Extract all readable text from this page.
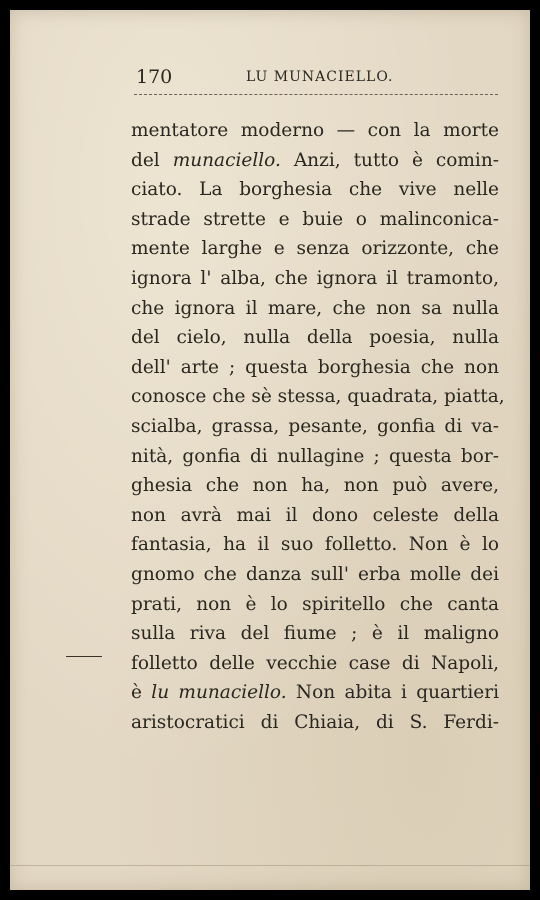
170	LU MUNACIELLO.
mentatore moderno — con la morte
del munaciello. Anzi, tutto è comin-
ciato. La borghesia che vive nelle
strade strette e buie o malinconica-
mente larghe e senza orizzonte, che
ignora l' alba, che ignora il tramonto,
che ignora il mare, che non sa nulla
del cielo, nulla della poesia, nulla
dell' arte ; questa borghesia che non
conosce che sè stessa, quadrata, piatta,
scialba, grassa, pesante, gonfia di va-
nità, gonfia di nullagine ; questa bor-
ghesia che non ha, non può avere,
non avrà mai il dono celeste della
fantasia, ha il suo folletto. Non è lo
gnomo che danza sull' erba molle dei
prati, non è lo spiritello che canta
sulla riva del fiume ; è il maligno
folletto delle vecchie case di Napoli,
è lu munaciello. Non abita i quartieri
aristocratici di Chiaia, di S. Ferdi-
